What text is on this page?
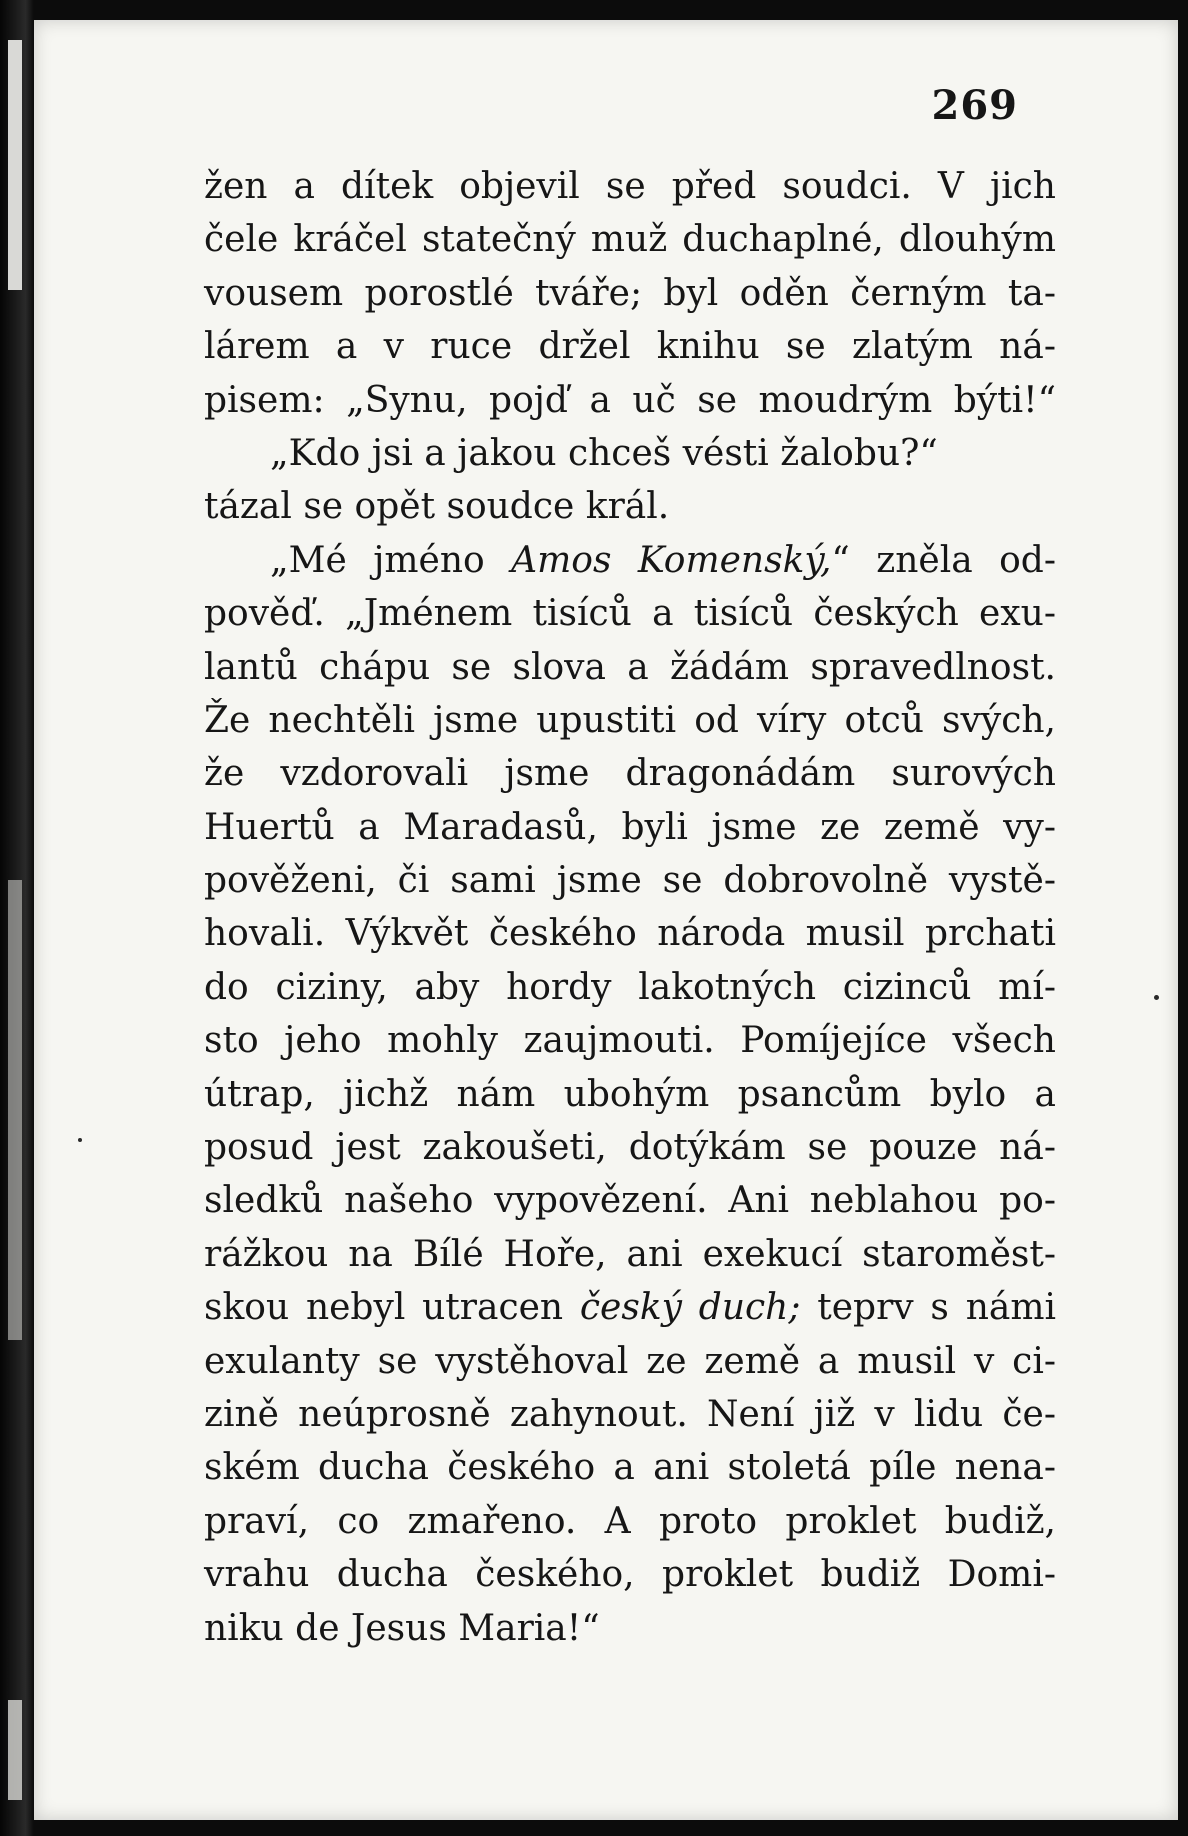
269
žen a dítek objevil se před soudci. V jich
čele kráčel statečný muž duchaplné, dlouhým
vousem porostlé tváře; byl oděn černým ta-
lárem a v ruce držel knihu se zlatým ná-
pisem: „Synu, pojď a uč se moudrým býti!“
„Kdo jsi a jakou chceš vésti žalobu?“
tázal se opět soudce král.
„Mé jméno Amos Komenský,“ zněla od-
pověď. „Jménem tisíců a tisíců českých exu-
lantů chápu se slova a žádám spravedlnost.
Že nechtěli jsme upustiti od víry otců svých,
že vzdorovali jsme dragonádám surových
Huertů a Maradasů, byli jsme ze země vy-
pověženi, či sami jsme se dobrovolně vystě-
hovali. Výkvět českého národa musil prchati
do ciziny, aby hordy lakotných cizinců mí-
sto jeho mohly zaujmouti. Pomíjejíce všech
útrap, jichž nám ubohým psancům bylo a
posud jest zakoušeti, dotýkám se pouze ná-
sledků našeho vypovězení. Ani neblahou po-
rážkou na Bílé Hoře, ani exekucí staroměst-
skou nebyl utracen český duch; teprv s námi
exulanty se vystěhoval ze země a musil v ci-
zině neúprosně zahynout. Není již v lidu če-
ském ducha českého a ani stoletá píle nena-
praví, co zmařeno. A proto proklet budiž,
vrahu ducha českého, proklet budiž Domi-
niku de Jesus Maria!“
